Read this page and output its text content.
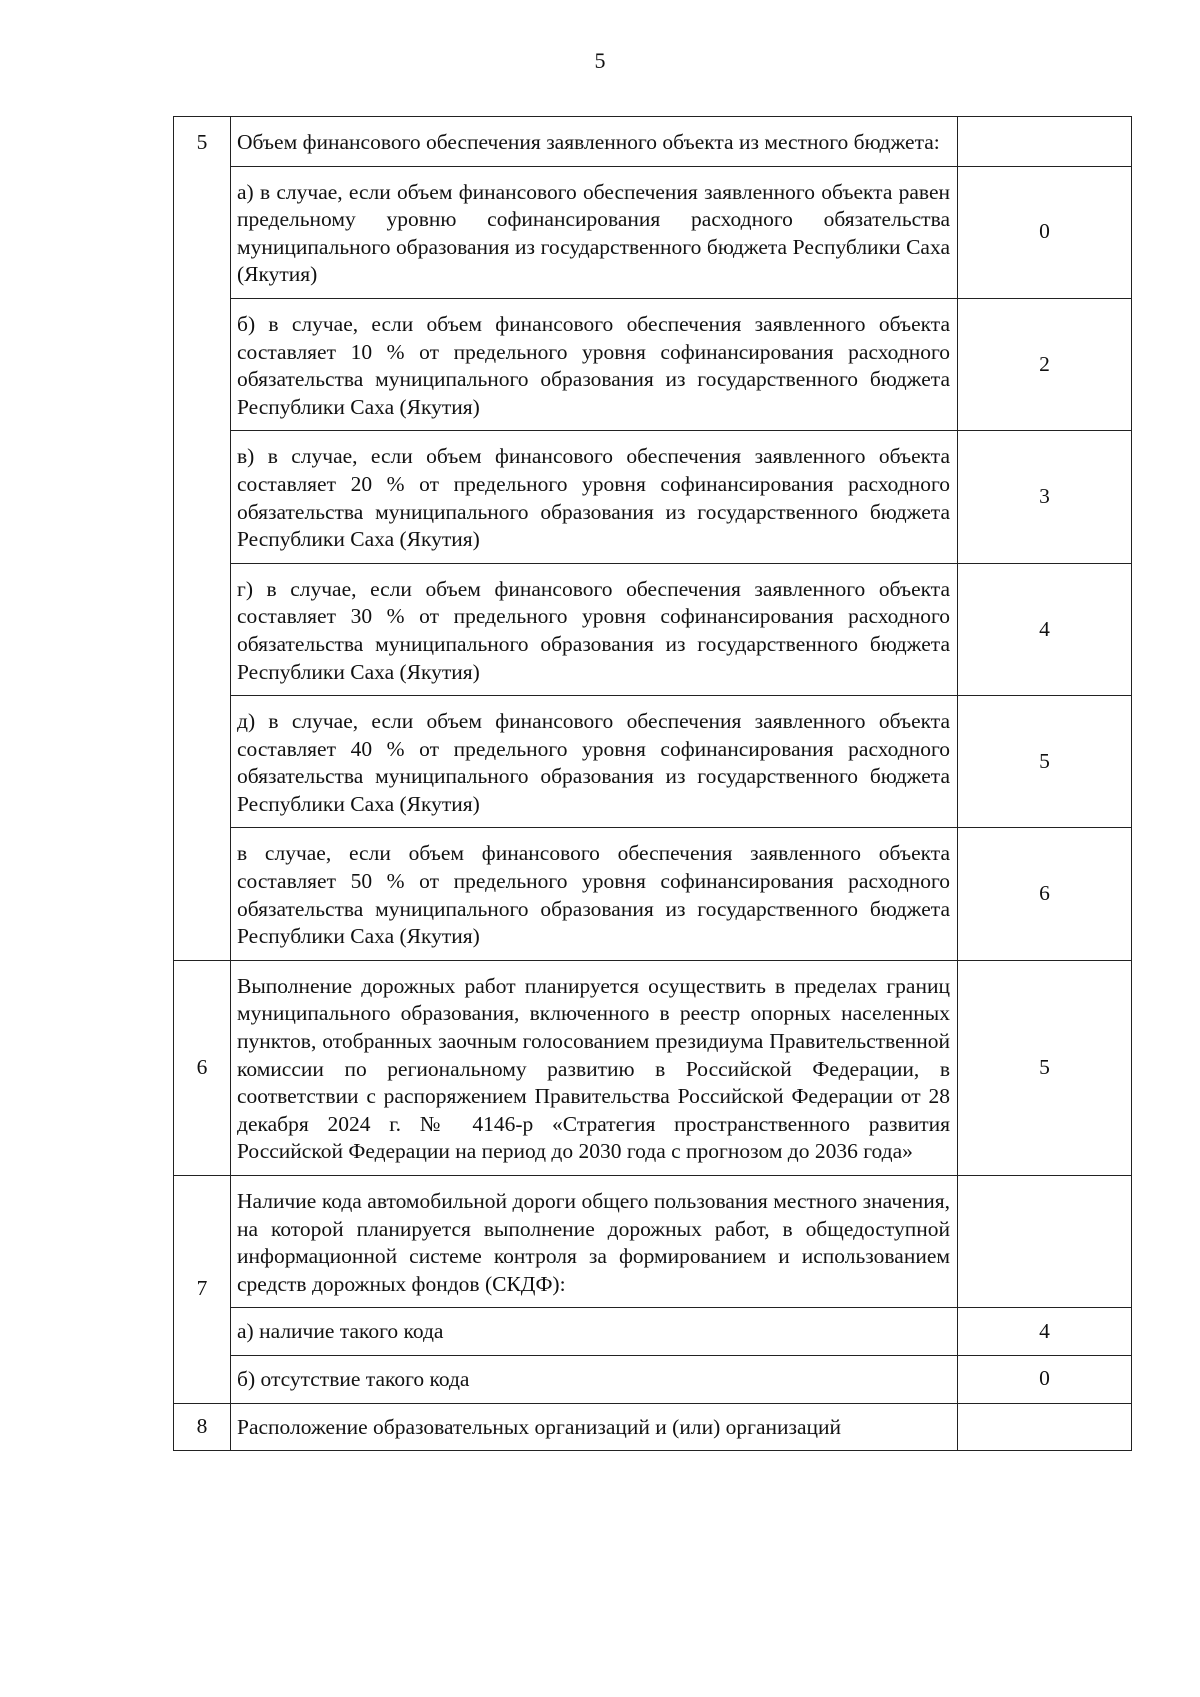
5
5	Объем финансового обеспечения заявленного объекта из местного бюджета:	
	а) в случае, если объем финансового обеспечения заявленного объекта равен предельному уровню софинансирования расходного обязательства муниципального образования из государственного бюджета Республики Саха (Якутия)	0
	б) в случае, если объем финансового обеспечения заявленного объекта составляет 10 % от предельного уровня софинансирования расходного обязательства муниципального образования из государственного бюджета Республики Саха (Якутия)	2
	в) в случае, если объем финансового обеспечения заявленного объекта составляет 20 % от предельного уровня софинансирования расходного обязательства муниципального образования из государственного бюджета Республики Саха (Якутия)	3
	г) в случае, если объем финансового обеспечения заявленного объекта составляет 30 % от предельного уровня софинансирования расходного обязательства муниципального образования из государственного бюджета Республики Саха (Якутия)	4
	д) в случае, если объем финансового обеспечения заявленного объекта составляет 40 % от предельного уровня софинансирования расходного обязательства муниципального образования из государственного бюджета Республики Саха (Якутия)	5
	в случае, если объем финансового обеспечения заявленного объекта составляет 50 % от предельного уровня софинансирования расходного обязательства муниципального образования из государственного бюджета Республики Саха (Якутия)	6
6	Выполнение дорожных работ планируется осуществить в пределах границ муниципального образования, включенного в реестр опорных населенных пунктов, отобранных заочным голосованием президиума Правительственной комиссии по региональному развитию в Российской Федерации, в соответствии с распоряжением Правительства Российской Федерации от 28 декабря 2024 г. № 4146-р «Стратегия пространственного развития Российской Федерации на период до 2030 года с прогнозом до 2036 года»	5
7	Наличие кода автомобильной дороги общего пользования местного значения, на которой планируется выполнение дорожных работ, в общедоступной информационной системе контроля за формированием и использованием средств дорожных фондов (СКДФ):	
	а) наличие такого кода	4
	б) отсутствие такого кода	0
8	Расположение образовательных организаций и (или) организаций	
